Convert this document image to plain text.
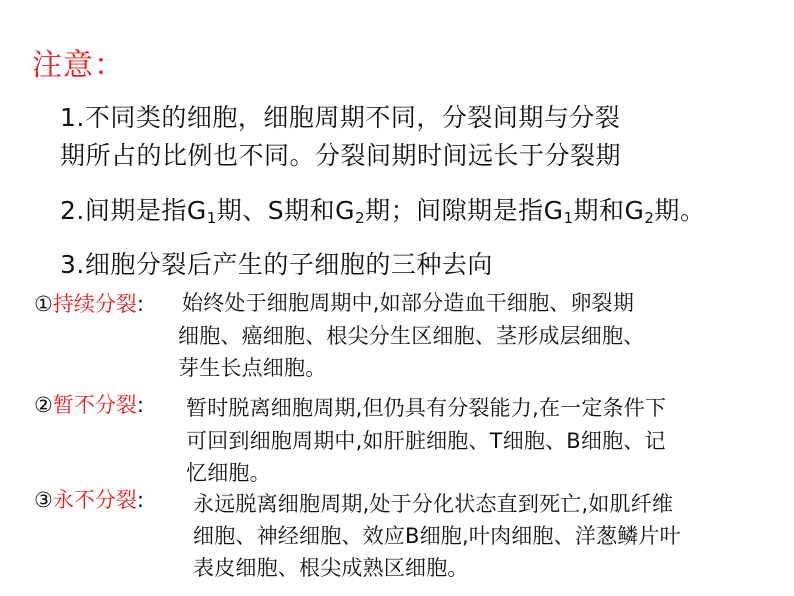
注意：
1.不同类的细胞，细胞周期不同，分裂间期与分裂
期所占的比例也不同。分裂间期时间远长于分裂期
2.间期是指$G_1$期、S期和$G_2$期；间隙期是指$G_1$期和$G_2$期。
3.细胞分裂后产生的子细胞的三种去向
①持续分裂: 始终处于细胞周期中,如部分造血干细胞、卵裂期
细胞、癌细胞、根尖分生区细胞、茎形成层细胞、
芽生长点细胞。
②暂不分裂: 暂时脱离细胞周期,但仍具有分裂能力,在一定条件下
可回到细胞周期中,如肝脏细胞、T细胞、B细胞、记
忆细胞。
③永不分裂: 永远脱离细胞周期,处于分化状态直到死亡,如肌纤维
细胞、神经细胞、效应B细胞,叶肉细胞、洋葱鳞片叶
表皮细胞、根尖成熟区细胞。
